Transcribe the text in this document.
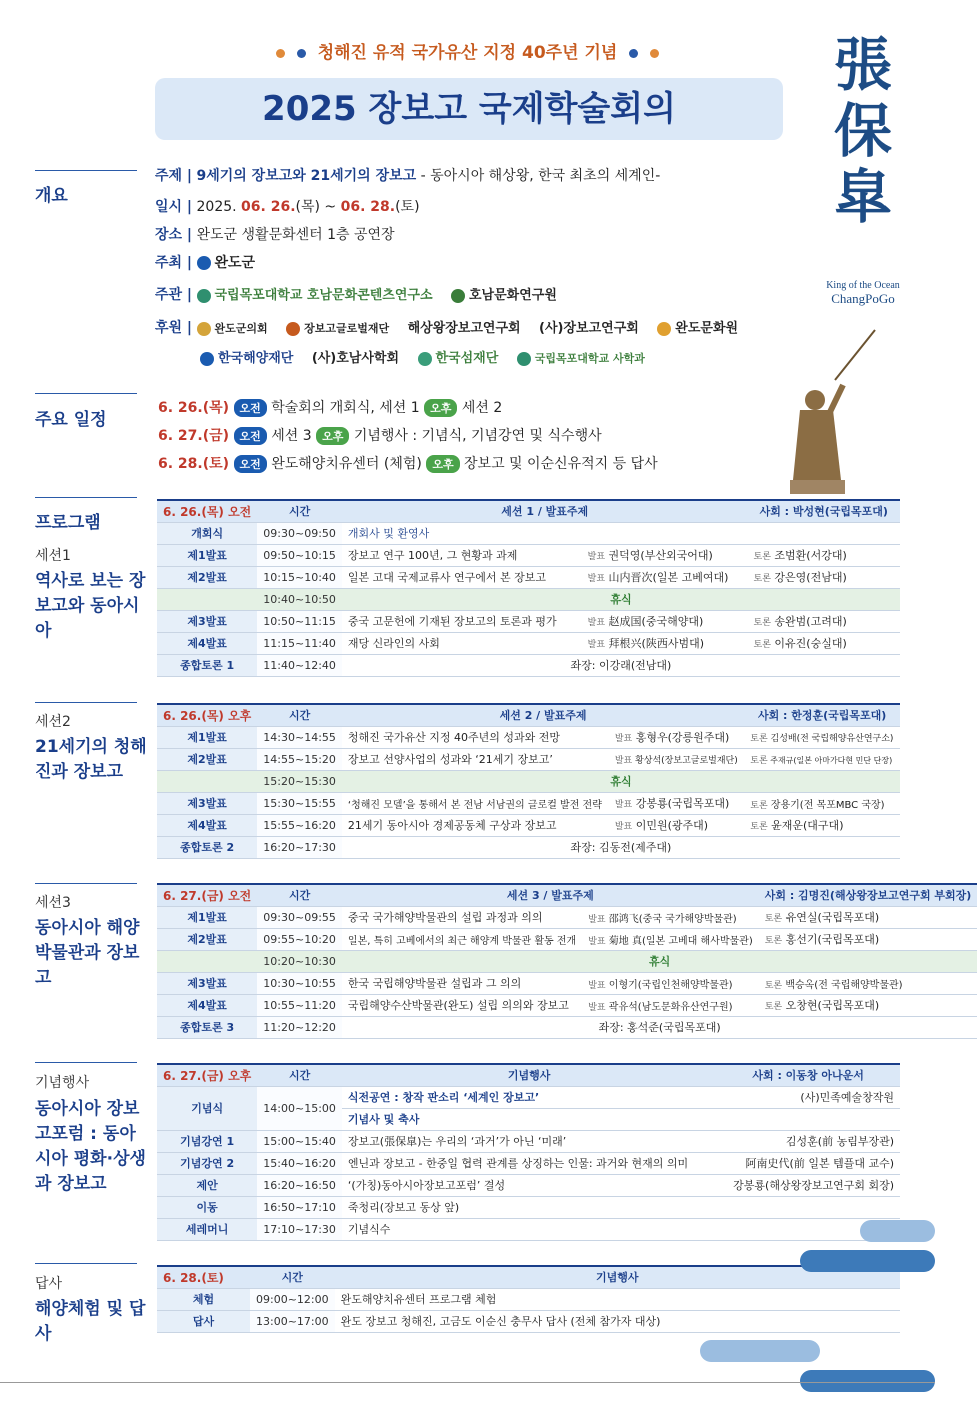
청해진 유적 국가유산 지정 40주년 기념
2025 장보고 국제학술회의
張
保
皐
King of the Ocean
ChangPoGo
개요
주제 | 9세기의 장보고와 21세기의 장보고 - 동아시아 해상왕, 한국 최초의 세계인-
일시 | 2025. 06. 26.(목) ~ 06. 28.(토)
장소 | 완도군 생활문화센터 1층 공연장
주최 | 완도군
주관 | 국립목포대학교 호남문화콘텐츠연구소	호남문화연구원
후원 | 완도군의회	장보고글로벌재단 해상왕장보고연구회 (사)장보고연구회	완도문화원
한국해양재단 (사)호남사학회	한국섬재단	국립목포대학교 사학과
주요 일정
6. 26.(목) 오전 학술회의 개회식, 세션 1 오후 세션 2
6. 27.(금) 오전 세션 3 오후 기념행사 : 기념식, 기념강연 및 식수행사
6. 28.(토) 오전 완도해양치유센터 (체험) 오후 장보고 및 이순신유적지 등 답사
프로그램
세션1
역사로 보는 장보고와 동아시아
세션2
21세기의 청해진과 장보고
세션3
동아시아 해양박물관과 장보고
기념행사
동아시아 장보고포럼 : 동아시아 평화·상생과 장보고
답사
해양체험 및 답사
6. 26.(목) 오전	시간	세션 1 / 발표주제		사회 : 박성현(국립목포대)
개회식	09:30~09:50	개회사 및 환영사		
제1발표	09:50~10:15	장보고 연구 100년, 그 현황과 과제	발표 권덕영(부산외국어대)	토론 조범환(서강대)
제2발표	10:15~10:40	일본 고대 국제교류사 연구에서 본 장보고	발표 山内晋次(일본 고베여대)	토론 강은영(전남대)
	10:40~10:50	휴식		
제3발표	10:50~11:15	중국 고문헌에 기재된 장보고의 토론과 평가	발표 赵成国(중국해양대)	토론 송완범(고려대)
제4발표	11:15~11:40	재당 신라인의 사회	발표 拜根兴(陕西사범대)	토론 이유진(숭실대)
종합토론 1	11:40~12:40	좌장: 이강래(전남대)		
6. 26.(목) 오후	시간	세션 2 / 발표주제		사회 : 한정훈(국립목포대)
제1발표	14:30~14:55	청해진 국가유산 지정 40주년의 성과와 전망	발표 홍형우(강릉원주대)	토론 김성배(전 국립해양유산연구소)
제2발표	14:55~15:20	장보고 선양사업의 성과와 ‘21세기 장보고’	발표 황상석(장보고글로벌재단)	토론 주재규(일본 아마가다현 민단 단장)
	15:20~15:30	휴식		
제3발표	15:30~15:55	‘청해진 모델’을 통해서 본 전남 서남권의 글로컬 발전 전략	발표 강봉룡(국립목포대)	토론 장용기(전 목포MBC 국장)
제4발표	15:55~16:20	21세기 동아시아 경제공동체 구상과 장보고	발표 이민원(광주대)	토론 윤재운(대구대)
종합토론 2	16:20~17:30	좌장: 김동전(제주대)		
6. 27.(금) 오전	시간	세션 3 / 발표주제		사회 : 김명진(해상왕장보고연구회 부회장)
제1발표	09:30~09:55	중국 국가해양박물관의 설립 과정과 의의	발표 邵鸿飞(중국 국가해양박물관)	토론 유연실(국립목포대)
제2발표	09:55~10:20	일본, 특히 고베에서의 최근 해양계 박물관 활동 전개	발표 菊地 真(일본 고베대 해사박물관)	토론 홍선기(국립목포대)
	10:20~10:30	휴식		
제3발표	10:30~10:55	한국 국립해양박물관 설립과 그 의의	발표 이형기(국립인천해양박물관)	토론 백승옥(전 국립해양박물관)
제4발표	10:55~11:20	국립해양수산박물관(완도) 설립 의의와 장보고	발표 곽유석(남도문화유산연구원)	토론 오창현(국립목포대)
종합토론 3	11:20~12:20	좌장: 홍석준(국립목포대)		
6. 27.(금) 오후	시간	기념행사	사회 : 이동창 아나운서
기념식	14:00~15:00	식전공연 : 창작 판소리 ‘세계인 장보고’	(사)민족예술창작원
		기념사 및 축사	
기념강연 1	15:00~15:40	장보고(張保皐)는 우리의 ‘과거’가 아닌 ‘미래’	김성훈(前 농림부장관)
기념강연 2	15:40~16:20	엔닌과 장보고 - 한중일 협력 관계를 상징하는 인물: 과거와 현재의 의미	阿南史代(前 일본 템플대 교수)
제안	16:20~16:50	‘(가칭)동아시아장보고포럼’ 결성	강봉룡(해상왕장보고연구회 회장)
이동	16:50~17:10	죽청리(장보고 동상 앞)	
세레머니	17:10~17:30	기념식수	
6. 28.(토)	시간	기념행사
체험	09:00~12:00	완도해양치유센터 프로그램 체험
답사	13:00~17:00	완도 장보고 청해진, 고금도 이순신 충무사 답사 (전체 참가자 대상)
